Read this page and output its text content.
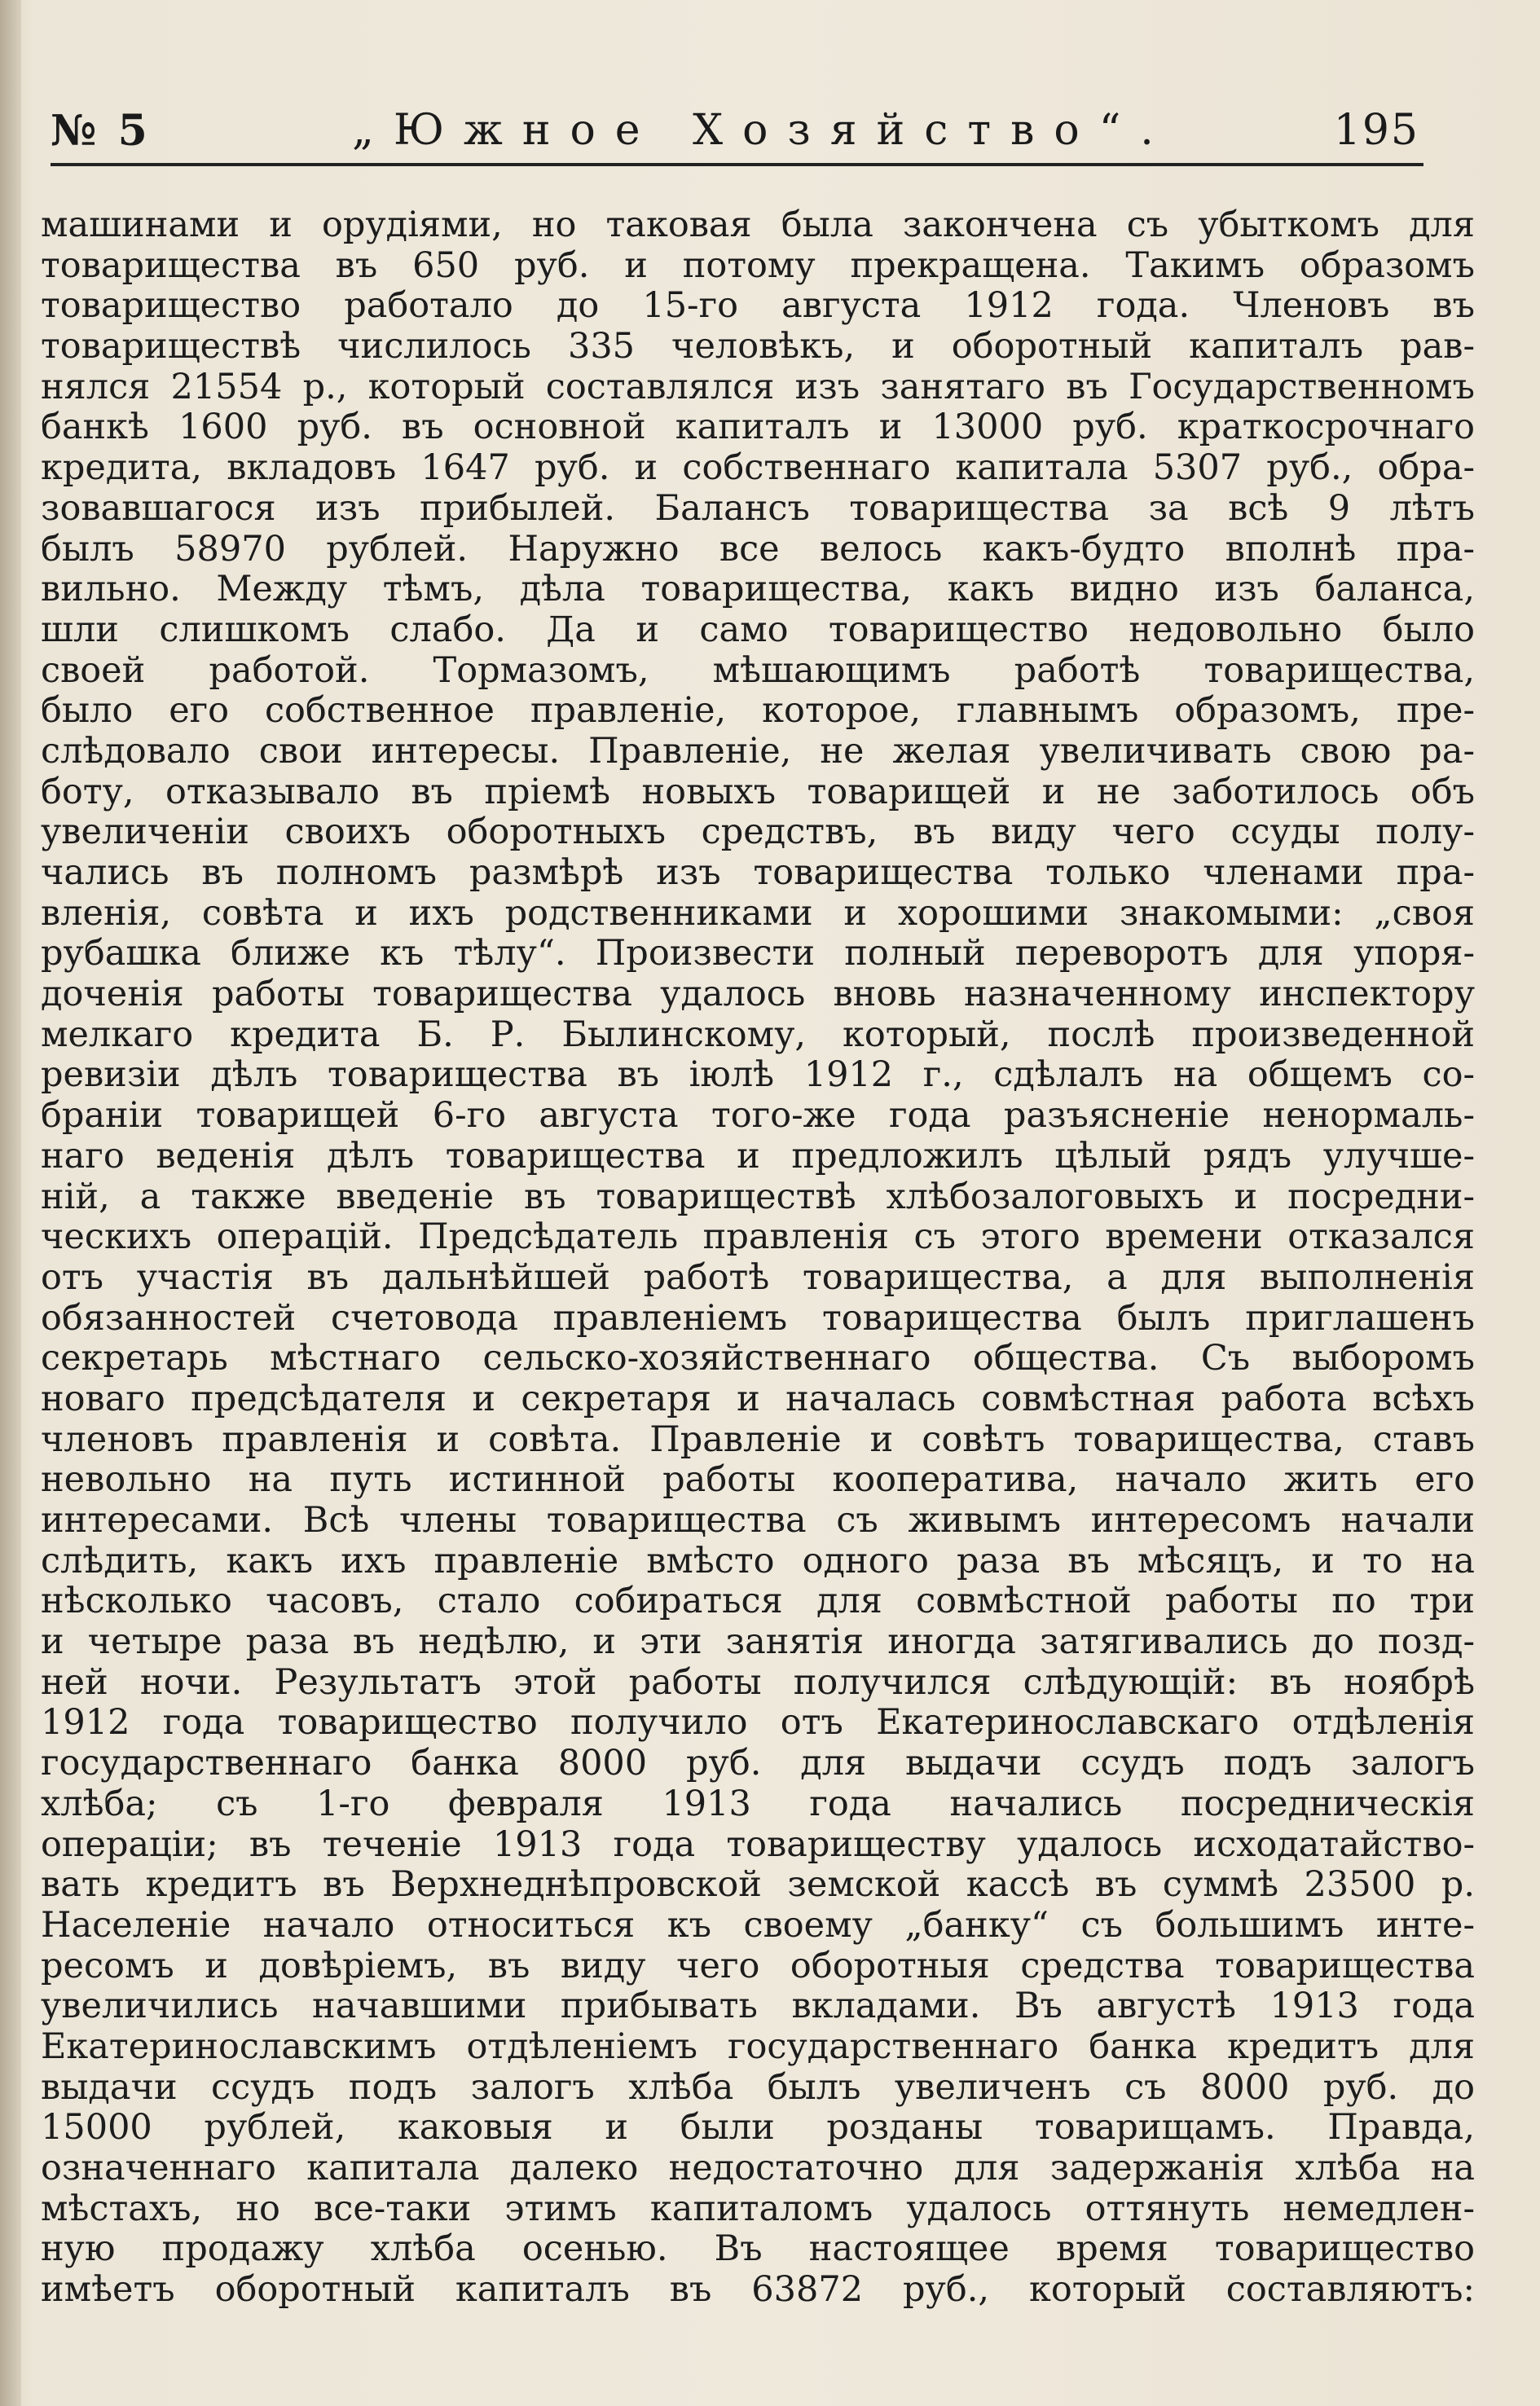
№ 5	„Южное Хозяйство“.	195
машинами и орудіями, но таковая была закончена съ убыткомъ для
товарищества въ 650 руб. и потому прекращена. Такимъ образомъ
товарищество работало до 15-го августа 1912 года. Членовъ въ
товариществѣ числилось 335 человѣкъ, и оборотный капиталъ рав-
нялся 21554 р., который составлялся изъ занятаго въ Государственномъ
банкѣ 1600 руб. въ основной капиталъ и 13000 руб. краткосрочнаго
кредита, вкладовъ 1647 руб. и собственнаго капитала 5307 руб., обра-
зовавшагося изъ прибылей. Балансъ товарищества за всѣ 9 лѣтъ
былъ 58970 рублей. Наружно все велось какъ-будто вполнѣ пра-
вильно. Между тѣмъ, дѣла товарищества, какъ видно изъ баланса,
шли слишкомъ слабо. Да и само товарищество недовольно было
своей работой. Тормазомъ, мѣшающимъ работѣ товарищества,
было его собственное правленіе, которое, главнымъ образомъ, пре-
слѣдовало свои интересы. Правленіе, не желая увеличивать свою ра-
боту, отказывало въ пріемѣ новыхъ товарищей и не заботилось объ
увеличеніи своихъ оборотныхъ средствъ, въ виду чего ссуды полу-
чались въ полномъ размѣрѣ изъ товарищества только членами пра-
вленія, совѣта и ихъ родственниками и хорошими знакомыми: „своя
рубашка ближе къ тѣлу“. Произвести полный переворотъ для упоря-
доченія работы товарищества удалось вновь назначенному инспектору
мелкаго кредита Б. Р. Былинскому, который, послѣ произведенной
ревизіи дѣлъ товарищества въ іюлѣ 1912 г., сдѣлалъ на общемъ со-
браніи товарищей 6-го августа того-же года разъясненіе ненормаль-
наго веденія дѣлъ товарищества и предложилъ цѣлый рядъ улучше-
ній, а также введеніе въ товариществѣ хлѣбозалоговыхъ и посредни-
ческихъ операцій. Предсѣдатель правленія съ этого времени отказался
отъ участія въ дальнѣйшей работѣ товарищества, а для выполненія
обязанностей счетовода правленіемъ товарищества былъ приглашенъ
секретарь мѣстнаго сельско-хозяйственнаго общества. Съ выборомъ
новаго предсѣдателя и секретаря и началась совмѣстная работа всѣхъ
членовъ правленія и совѣта. Правленіе и совѣтъ товарищества, ставъ
невольно на путь истинной работы кооператива, начало жить его
интересами. Всѣ члены товарищества съ живымъ интересомъ начали
слѣдить, какъ ихъ правленіе вмѣсто одного раза въ мѣсяцъ, и то на
нѣсколько часовъ, стало собираться для совмѣстной работы по три
и четыре раза въ недѣлю, и эти занятія иногда затягивались до позд-
ней ночи. Результатъ этой работы получился слѣдующій: въ ноябрѣ
1912 года товарищество получило отъ Екатеринославскаго отдѣленія
государственнаго банка 8000 руб. для выдачи ссудъ подъ залогъ
хлѣба; съ 1-го февраля 1913 года начались посредническія
операціи; въ теченіе 1913 года товариществу удалось исходатайство-
вать кредитъ въ Верхнеднѣпровской земской кассѣ въ суммѣ 23500 р.
Населеніе начало относиться къ своему „банку“ съ большимъ инте-
ресомъ и довѣріемъ, въ виду чего оборотныя средства товарищества
увеличились начавшими прибывать вкладами. Въ августѣ 1913 года
Екатеринославскимъ отдѣленіемъ государственнаго банка кредитъ для
выдачи ссудъ подъ залогъ хлѣба былъ увеличенъ съ 8000 руб. до
15000 рублей, каковыя и были розданы товарищамъ. Правда,
означеннаго капитала далеко недостаточно для задержанія хлѣба на
мѣстахъ, но все-таки этимъ капиталомъ удалось оттянуть немедлен-
ную продажу хлѣба осенью. Въ настоящее время товарищество
имѣетъ оборотный капиталъ въ 63872 руб., который составляютъ:
